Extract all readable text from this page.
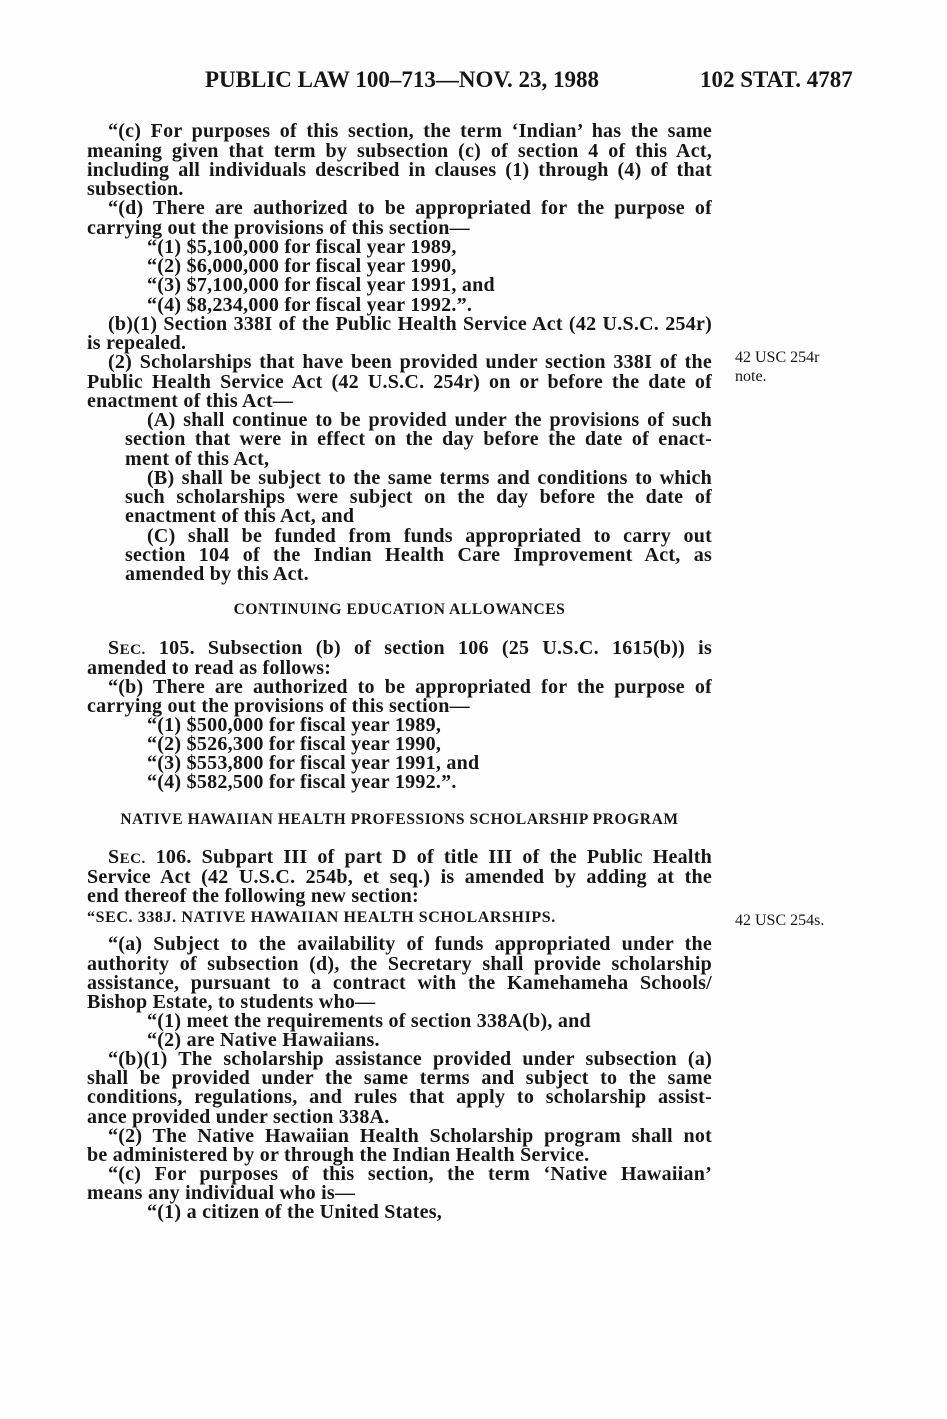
PUBLIC LAW 100–713—NOV. 23, 1988	102 STAT. 4787
“(c) For purposes of this section, the term ‘Indian’ has the same
meaning given that term by subsection (c) of section 4 of this Act,
including all individuals described in clauses (1) through (4) of that
subsection.
“(d) There are authorized to be appropriated for the purpose of
carrying out the provisions of this section—
“(1) $5,100,000 for fiscal year 1989,
“(2) $6,000,000 for fiscal year 1990,
“(3) $7,100,000 for fiscal year 1991, and
“(4) $8,234,000 for fiscal year 1992.”.
(b)(1) Section 338I of the Public Health Service Act (42 U.S.C. 254r)
is repealed.
(2) Scholarships that have been provided under section 338I of the
Public Health Service Act (42 U.S.C. 254r) on or before the date of
enactment of this Act—
(A) shall continue to be provided under the provisions of such
section that were in effect on the day before the date of enact-
ment of this Act,
(B) shall be subject to the same terms and conditions to which
such scholarships were subject on the day before the date of
enactment of this Act, and
(C) shall be funded from funds appropriated to carry out
section 104 of the Indian Health Care Improvement Act, as
amended by this Act.
CONTINUING EDUCATION ALLOWANCES
SEC. 105. Subsection (b) of section 106 (25 U.S.C. 1615(b)) is
amended to read as follows:
“(b) There are authorized to be appropriated for the purpose of
carrying out the provisions of this section—
“(1) $500,000 for fiscal year 1989,
“(2) $526,300 for fiscal year 1990,
“(3) $553,800 for fiscal year 1991, and
“(4) $582,500 for fiscal year 1992.”.
NATIVE HAWAIIAN HEALTH PROFESSIONS SCHOLARSHIP PROGRAM
SEC. 106. Subpart III of part D of title III of the Public Health
Service Act (42 U.S.C. 254b, et seq.) is amended by adding at the
end thereof the following new section:
“SEC. 338J. NATIVE HAWAIIAN HEALTH SCHOLARSHIPS.
“(a) Subject to the availability of funds appropriated under the
authority of subsection (d), the Secretary shall provide scholarship
assistance, pursuant to a contract with the Kamehameha Schools/
Bishop Estate, to students who—
“(1) meet the requirements of section 338A(b), and
“(2) are Native Hawaiians.
“(b)(1) The scholarship assistance provided under subsection (a)
shall be provided under the same terms and subject to the same
conditions, regulations, and rules that apply to scholarship assist-
ance provided under section 338A.
“(2) The Native Hawaiian Health Scholarship program shall not
be administered by or through the Indian Health Service.
“(c) For purposes of this section, the term ‘Native Hawaiian’
means any individual who is—
“(1) a citizen of the United States,
42 USC 254r
note.
42 USC 254s.
